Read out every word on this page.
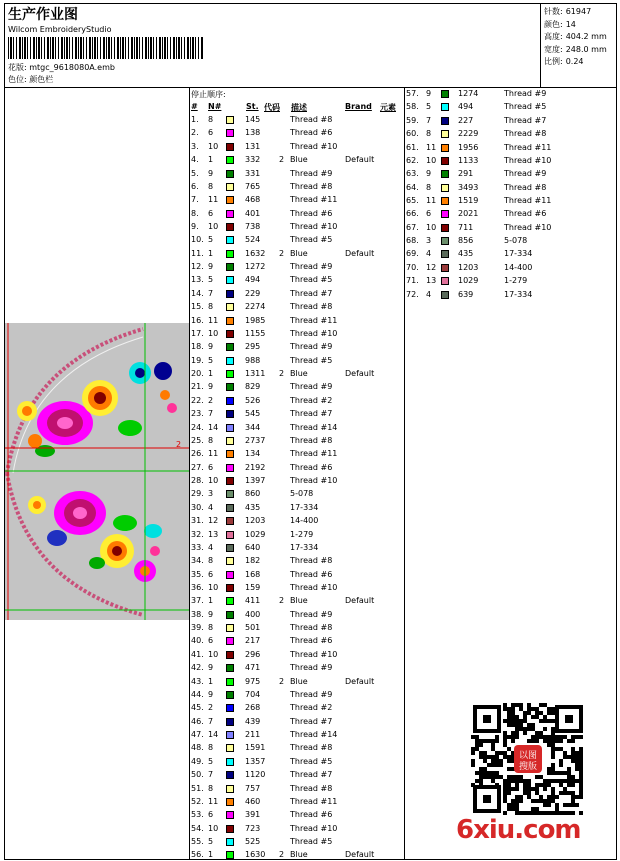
生产作业图
Wilcom EmbroideryStudio
花版: mtgc_9618080A.emb
色位: 颜色栏
针数: 61947
颜色: 14
高度: 404.2 mm
宽度: 248.0 mm
比例: 0.24
2
停止顺序:
# N#	St. 代码 描述	Brand 元素
1. 8	145	Thread #8
2. 6	138	Thread #6
3. 10	131	Thread #10
4. 1	332 2 Blue	Default
5. 9	331	Thread #9
6. 8	765	Thread #8
7. 11	468	Thread #11
8. 6	401	Thread #6
9. 10	738	Thread #10
10. 5	524	Thread #5
11. 1	1632 2 Blue	Default
12. 9	1272	Thread #9
13. 5	494	Thread #5
14. 7	229	Thread #7
15. 8	2274	Thread #8
16. 11	1985	Thread #11
17. 10	1155	Thread #10
18. 9	295	Thread #9
19. 5	988	Thread #5
20. 1	1311 2 Blue	Default
21. 9	829	Thread #9
22. 2	526	Thread #2
23. 7	545	Thread #7
24. 14	344	Thread #14
25. 8	2737	Thread #8
26. 11	134	Thread #11
27. 6	2192	Thread #6
28. 10	1397	Thread #10
29. 3	860	5-078
30. 4	435	17-334
31. 12	1203	14-400
32. 13	1029	1-279
33. 4	640	17-334
34. 8	182	Thread #8
35. 6	168	Thread #6
36. 10	159	Thread #10
37. 1	411 2 Blue	Default
38. 9	400	Thread #9
39. 8	501	Thread #8
40. 6	217	Thread #6
41. 10	296	Thread #10
42. 9	471	Thread #9
43. 1	975 2 Blue	Default
44. 9	704	Thread #9
45. 2	268	Thread #2
46. 7	439	Thread #7
47. 14	211	Thread #14
48. 8	1591	Thread #8
49. 5	1357	Thread #5
50. 7	1120	Thread #7
51. 8	757	Thread #8
52. 11	460	Thread #11
53. 6	391	Thread #6
54. 10	723	Thread #10
55. 5	525	Thread #5
56. 1	1630 2 Blue	Default
57. 9	1274	Thread #9
58. 5	494	Thread #5
59. 7	227	Thread #7
60. 8	2229	Thread #8
61. 11	1956	Thread #11
62. 10	1133	Thread #10
63. 9	291	Thread #9
64. 8	3493	Thread #8
65. 11	1519	Thread #11
66. 6	2021	Thread #6
67. 10	711	Thread #10
68. 3	856	5-078
69. 4	435	17-334
70. 12	1203	14-400
71. 13	1029	1-279
72. 4	639	17-334
以图
搜版
6xiu.com
